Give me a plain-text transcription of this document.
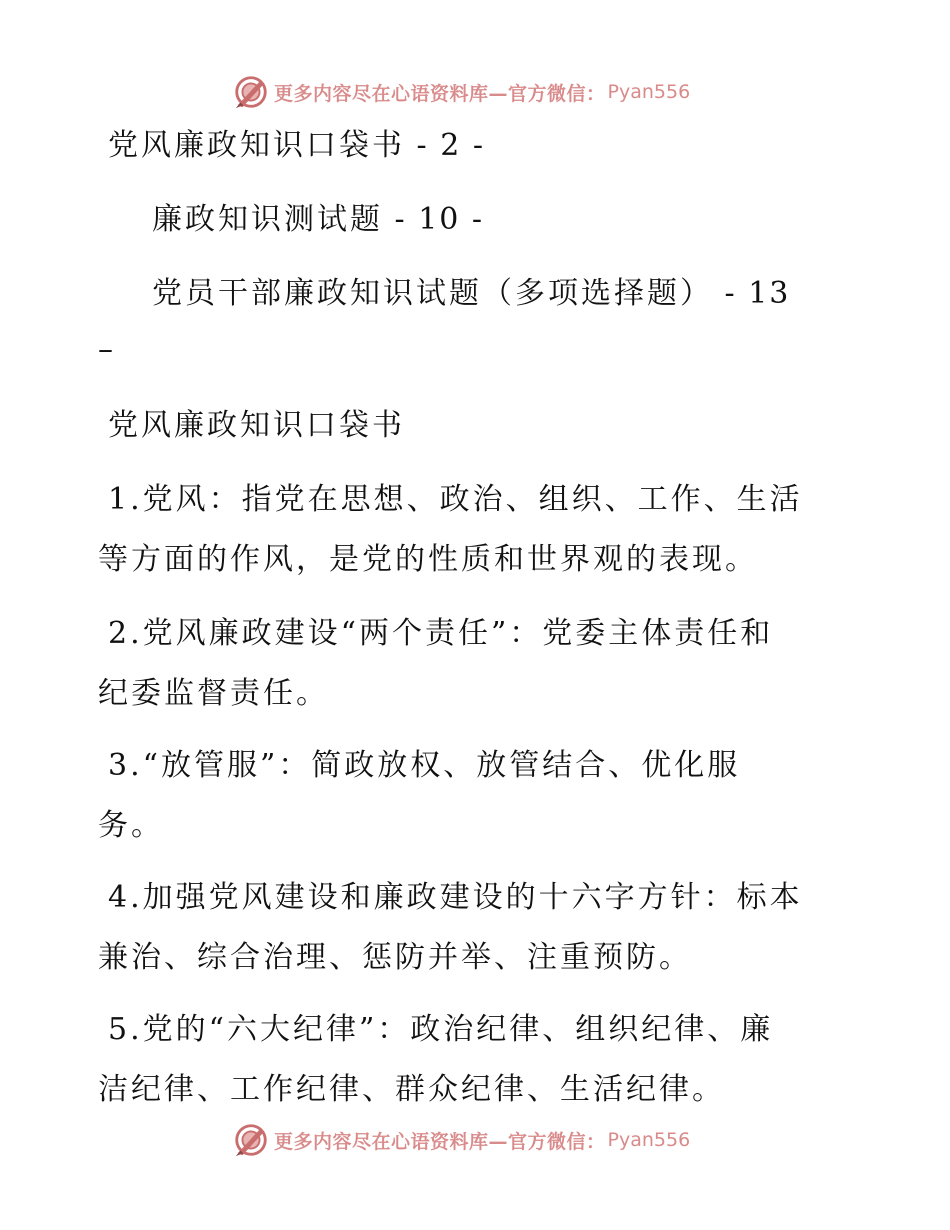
更多内容尽在心语资料库—官方微信： Pyan556
党风廉政知识口袋书 - 2 -
廉政知识测试题 - 10 -
党员干部廉政知识试题（多项选择题） - 13
–
党风廉政知识口袋书
1.党风：指党在思想、政治、组织、工作、生活
等方面的作风，是党的性质和世界观的表现。
2.党风廉政建设“两个责任”：党委主体责任和
纪委监督责任。
3.“放管服”：简政放权、放管结合、优化服
务。
4.加强党风建设和廉政建设的十六字方针：标本
兼治、综合治理、惩防并举、注重预防。
5.党的“六大纪律”：政治纪律、组织纪律、廉
洁纪律、工作纪律、群众纪律、生活纪律。
更多内容尽在心语资料库—官方微信： Pyan556
